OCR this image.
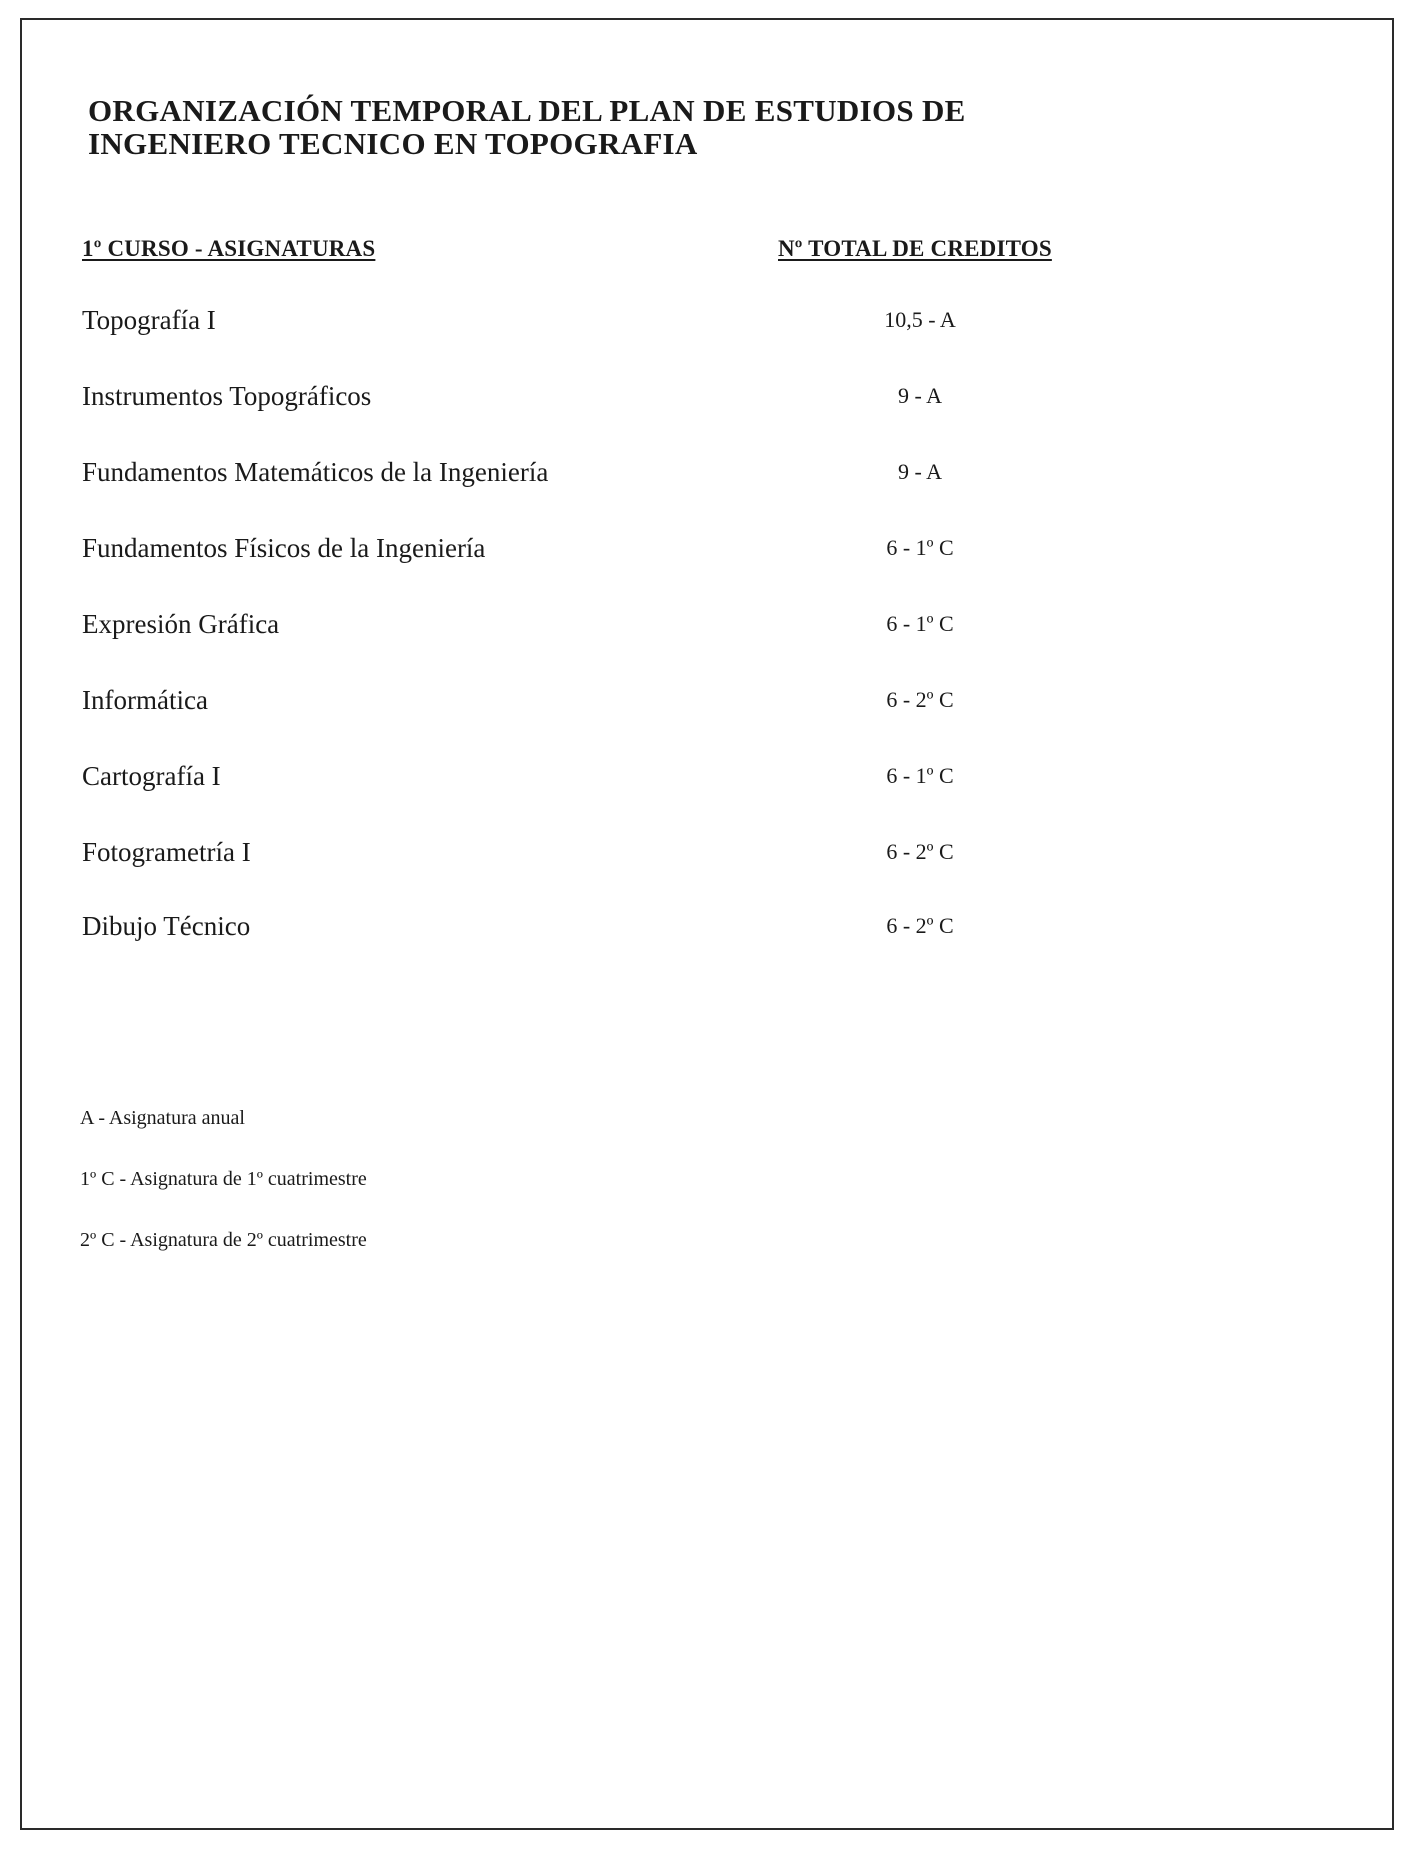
ORGANIZACIÓN TEMPORAL DEL PLAN DE ESTUDIOS DE
INGENIERO TECNICO EN TOPOGRAFIA
1º CURSO - ASIGNATURAS	Nº TOTAL DE CREDITOS
Topografía I	10,5 - A
Instrumentos Topográficos	9 - A
Fundamentos Matemáticos de la Ingeniería	9 - A
Fundamentos Físicos de la Ingeniería	6 - 1º C
Expresión Gráfica	6 - 1º C
Informática	6 - 2º C
Cartografía I	6 - 1º C
Fotogrametría I	6 - 2º C
Dibujo Técnico	6 - 2º C
A - Asignatura anual
1º C - Asignatura de 1º cuatrimestre
2º C - Asignatura de 2º cuatrimestre
